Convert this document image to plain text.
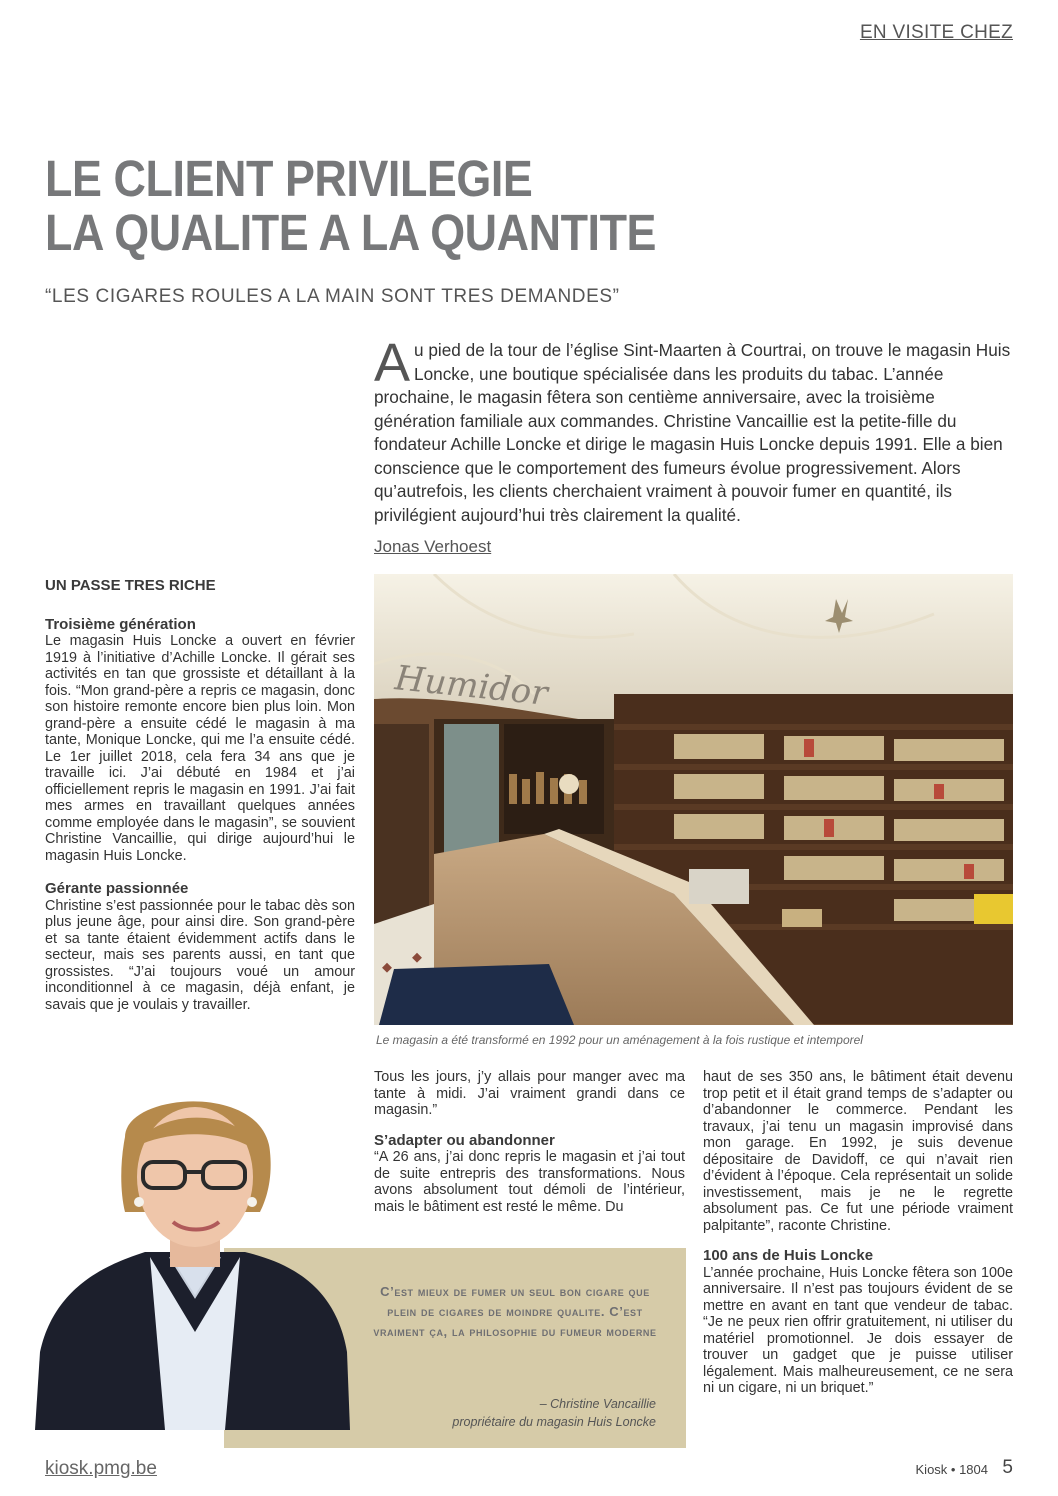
EN VISITE CHEZ
LE CLIENT PRIVILEGIE
LA QUALITE A LA QUANTITE
“LES CIGARES ROULES A LA MAIN SONT TRES DEMANDES”
Au pied de la tour de l’église Sint-Maarten à Courtrai, on trouve le magasin Huis Loncke, une boutique spécialisée dans les produits du tabac. L’année prochaine, le magasin fêtera son centième anniversaire, avec la troisième génération familiale aux commandes. Christine Vancaillie est la petite-fille du fondateur Achille Loncke et dirige le magasin Huis Loncke depuis 1991. Elle a bien conscience que le comportement des fumeurs évolue progressivement. Alors qu’autrefois, les clients cherchaient vraiment à pouvoir fumer en quantité, ils privilégient aujourd’hui très clairement la qualité.
Jonas Verhoest
UN PASSE TRES RICHE
Troisième génération

Le magasin Huis Loncke a ouvert en février 1919 à l’initiative d’Achille Loncke. Il gérait ses activités en tan que grossiste et détaillant à la fois. “Mon grand-père a repris ce magasin, donc son histoire remonte encore bien plus loin. Mon grand-père a ensuite cédé le magasin à ma tante, Monique Loncke, qui me l’a ensuite cédé. Le 1er juillet 2018, cela fera 34 ans que je travaille ici. J’ai débuté en 1984 et j’ai officiellement repris le magasin en 1991. J’ai fait mes armes en travaillant quelques années comme employée dans le magasin”, se souvient Christine Vancaillie, qui dirige aujourd’hui le magasin Huis Loncke.

Gérante passionnée

Christine s’est passionnée pour le tabac dès son plus jeune âge, pour ainsi dire. Son grand-père et sa tante étaient évidemment actifs dans le secteur, mais ses parents aussi, en tant que grossistes. “J’ai toujours voué un amour inconditionnel à ce magasin, déjà enfant, je savais que je voulais y travailler.

Humidor
Le magasin a été transformé en 1992 pour un aménagement à la fois rustique et intemporel

Tous les jours, j’y allais pour manger avec ma tante à midi. J’ai vraiment grandi dans ce magasin.”

S’adapter ou abandonner

“A 26 ans, j’ai donc repris le magasin et j’ai tout de suite entrepris des transformations. Nous avons absolument tout démoli de l’intérieur, mais le bâtiment est resté le même. Du

haut de ses 350 ans, le bâtiment était devenu trop petit et il était grand temps de s’adapter ou d’abandonner le commerce. Pendant les travaux, j’ai tenu un magasin improvisé dans mon garage. En 1992, je suis devenue dépositaire de Davidoff, ce qui n’avait rien d’évident à l’époque. Cela représentait un solide investissement, mais je ne le regrette absolument pas. Ce fut une période vraiment palpitante”, raconte Christine.

100 ans de Huis Loncke

L’année prochaine, Huis Loncke fêtera son 100e anniversaire. Il n’est pas toujours évident de se mettre en avant en tant que vendeur de tabac. “Je ne peux rien offrir gratuitement, ni utiliser du matériel promotionnel. Je dois essayer de trouver un gadget que je puisse utiliser légalement. Mais malheureusement, ce ne sera ni un cigare, ni un briquet.”

C’est mieux de fumer un seul bon cigare que plein de cigares de moindre qualite. C’est vraiment ça, la philosophie du fumeur moderne
– Christine Vancaillie
propriétaire du magasin Huis Loncke
kiosk.pmg.be	Kiosk • 1804 5
